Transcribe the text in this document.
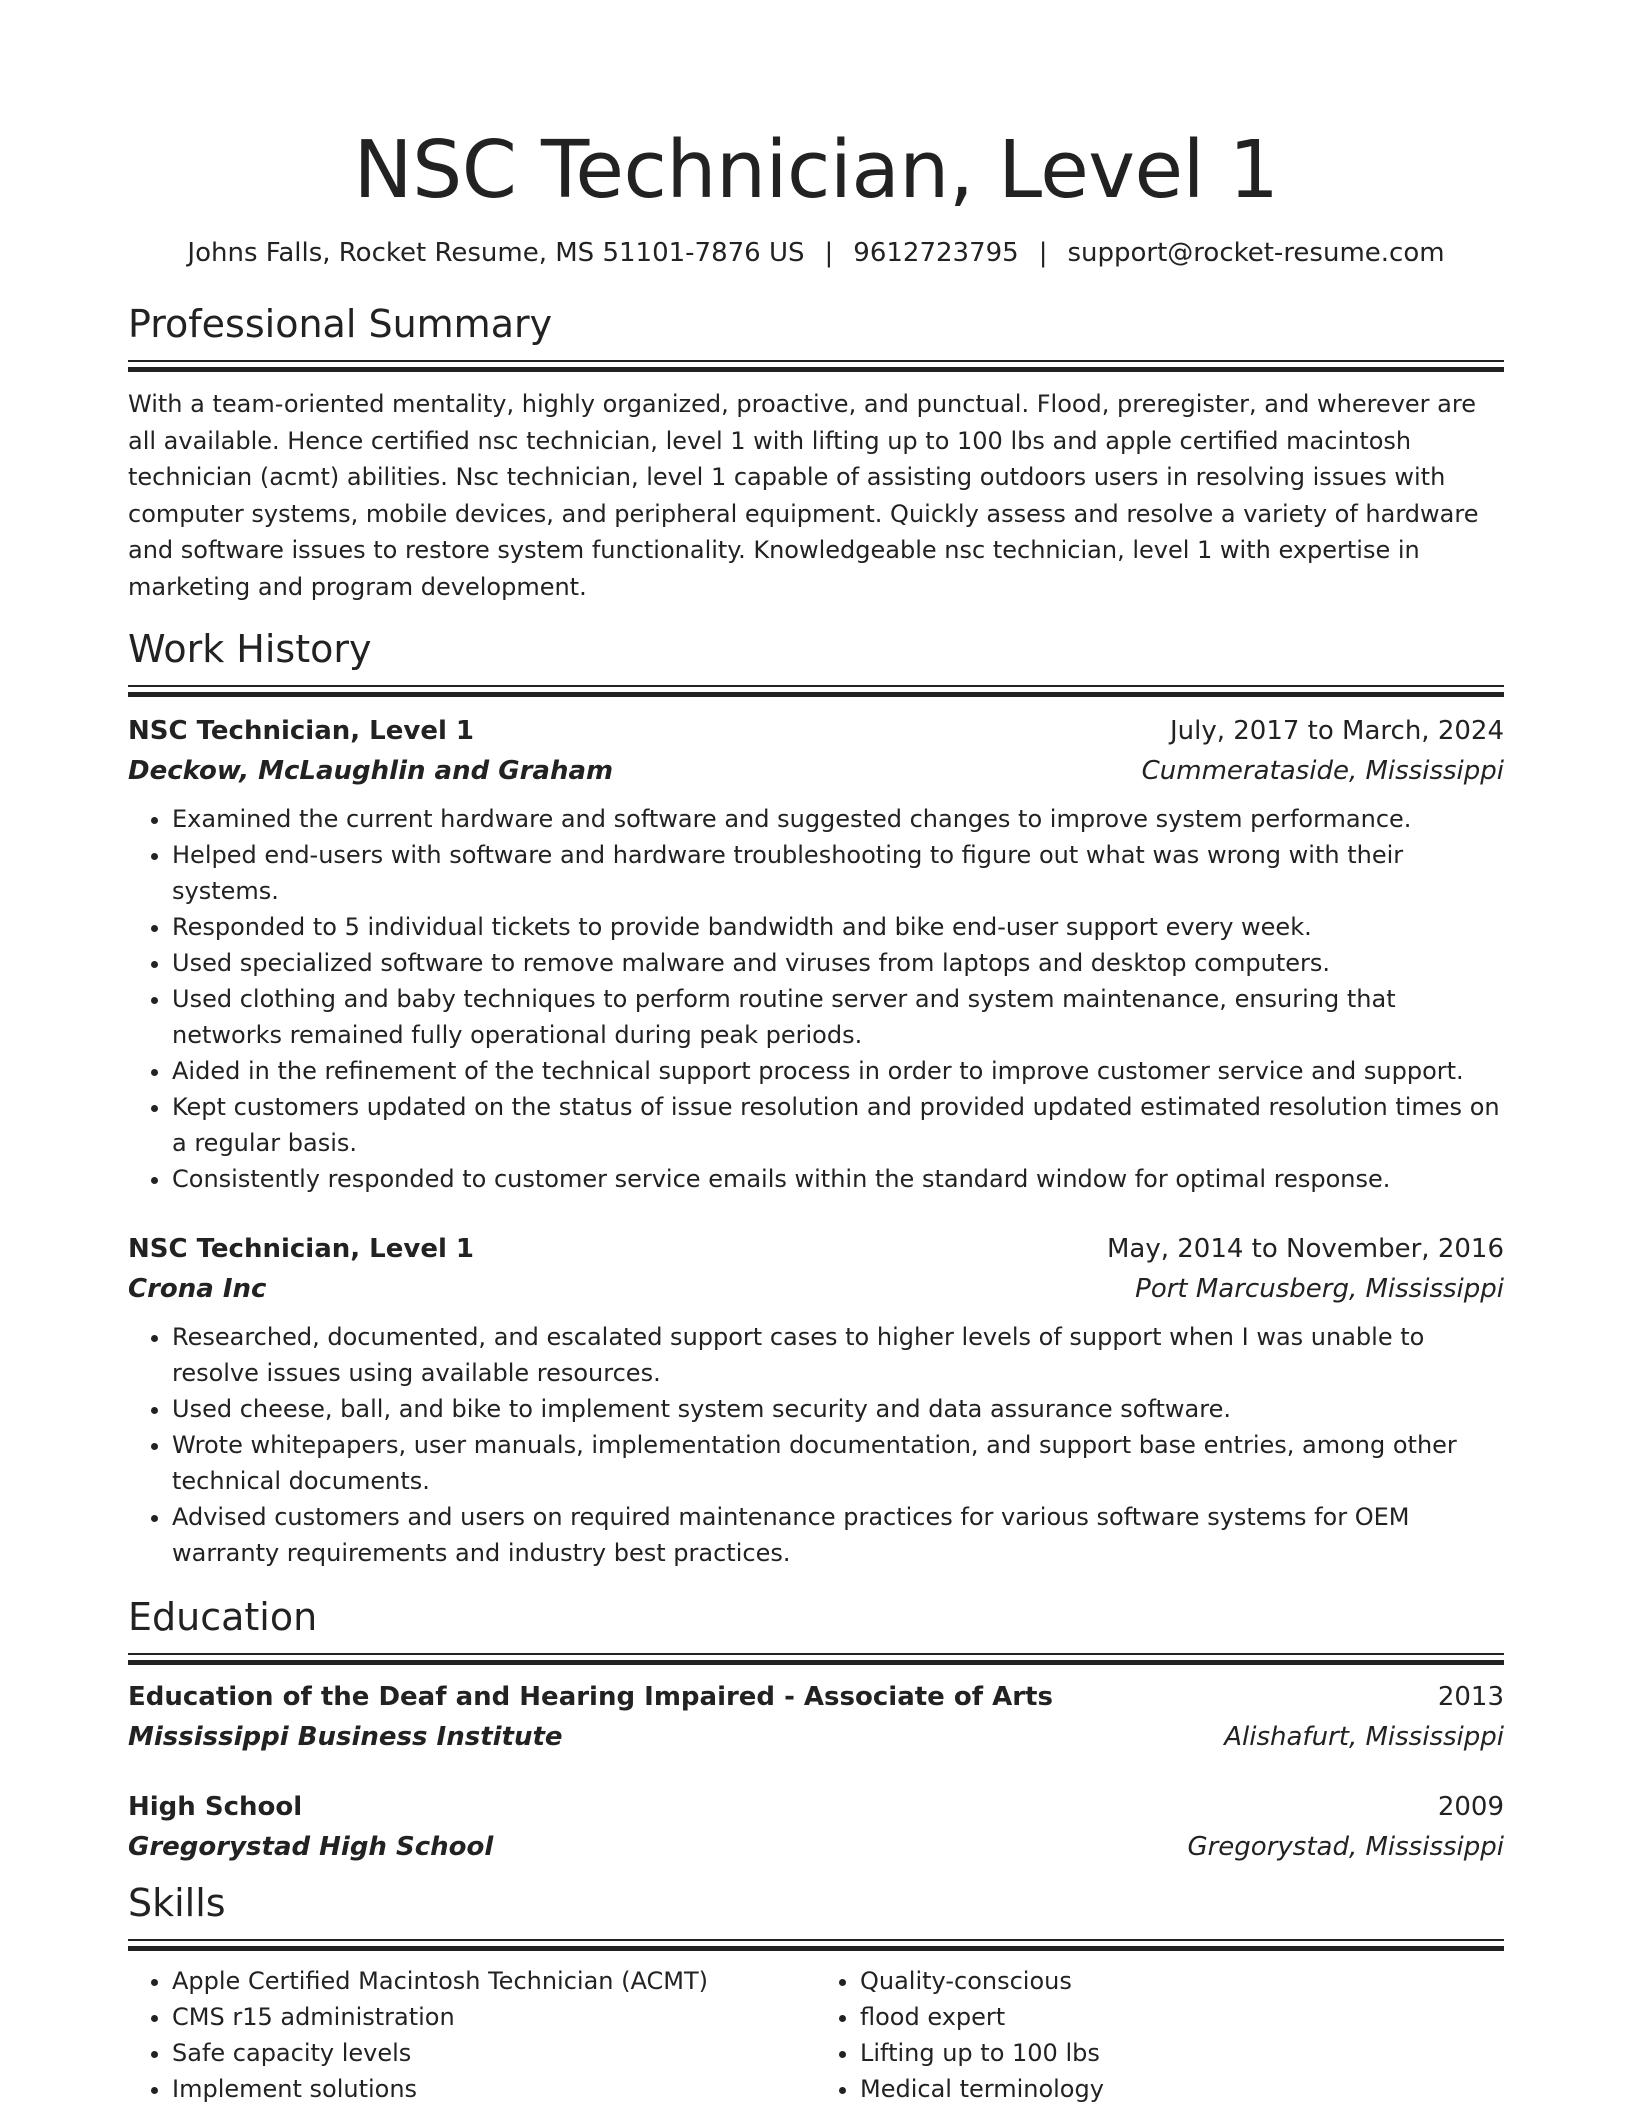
NSC Technician, Level 1
Johns Falls, Rocket Resume, MS 51101-7876 US | 9612723795 | support@rocket-resume.com
Professional Summary
With a team-oriented mentality, highly organized, proactive, and punctual. Flood, preregister, and wherever are all available. Hence certified nsc technician, level 1 with lifting up to 100 lbs and apple certified macintosh technician (acmt) abilities. Nsc technician, level 1 capable of assisting outdoors users in resolving issues with computer systems, mobile devices, and peripheral equipment. Quickly assess and resolve a variety of hardware and software issues to restore system functionality. Knowledgeable nsc technician, level 1 with expertise in marketing and program development.
Work History
NSC Technician, Level 1	July, 2017 to March, 2024
Deckow, McLaughlin and Graham	Cummerataside, Mississippi
• Examined the current hardware and software and suggested changes to improve system performance.
• Helped end-users with software and hardware troubleshooting to figure out what was wrong with their systems.
• Responded to 5 individual tickets to provide bandwidth and bike end-user support every week.
• Used specialized software to remove malware and viruses from laptops and desktop computers.
• Used clothing and baby techniques to perform routine server and system maintenance, ensuring that networks remained fully operational during peak periods.
• Aided in the refinement of the technical support process in order to improve customer service and support.
• Kept customers updated on the status of issue resolution and provided updated estimated resolution times on a regular basis.
• Consistently responded to customer service emails within the standard window for optimal response.
NSC Technician, Level 1	May, 2014 to November, 2016
Crona Inc	Port Marcusberg, Mississippi
• Researched, documented, and escalated support cases to higher levels of support when I was unable to resolve issues using available resources.
• Used cheese, ball, and bike to implement system security and data assurance software.
• Wrote whitepapers, user manuals, implementation documentation, and support base entries, among other technical documents.
• Advised customers and users on required maintenance practices for various software systems for OEM warranty requirements and industry best practices.
Education
Education of the Deaf and Hearing Impaired - Associate of Arts	2013
Mississippi Business Institute	Alishafurt, Mississippi
High School	2009
Gregorystad High School	Gregorystad, Mississippi
Skills
• Apple Certified Macintosh Technician (ACMT)
• CMS r15 administration
• Safe capacity levels
• Implement solutions
• Quality-conscious
• flood expert
• Lifting up to 100 lbs
• Medical terminology
